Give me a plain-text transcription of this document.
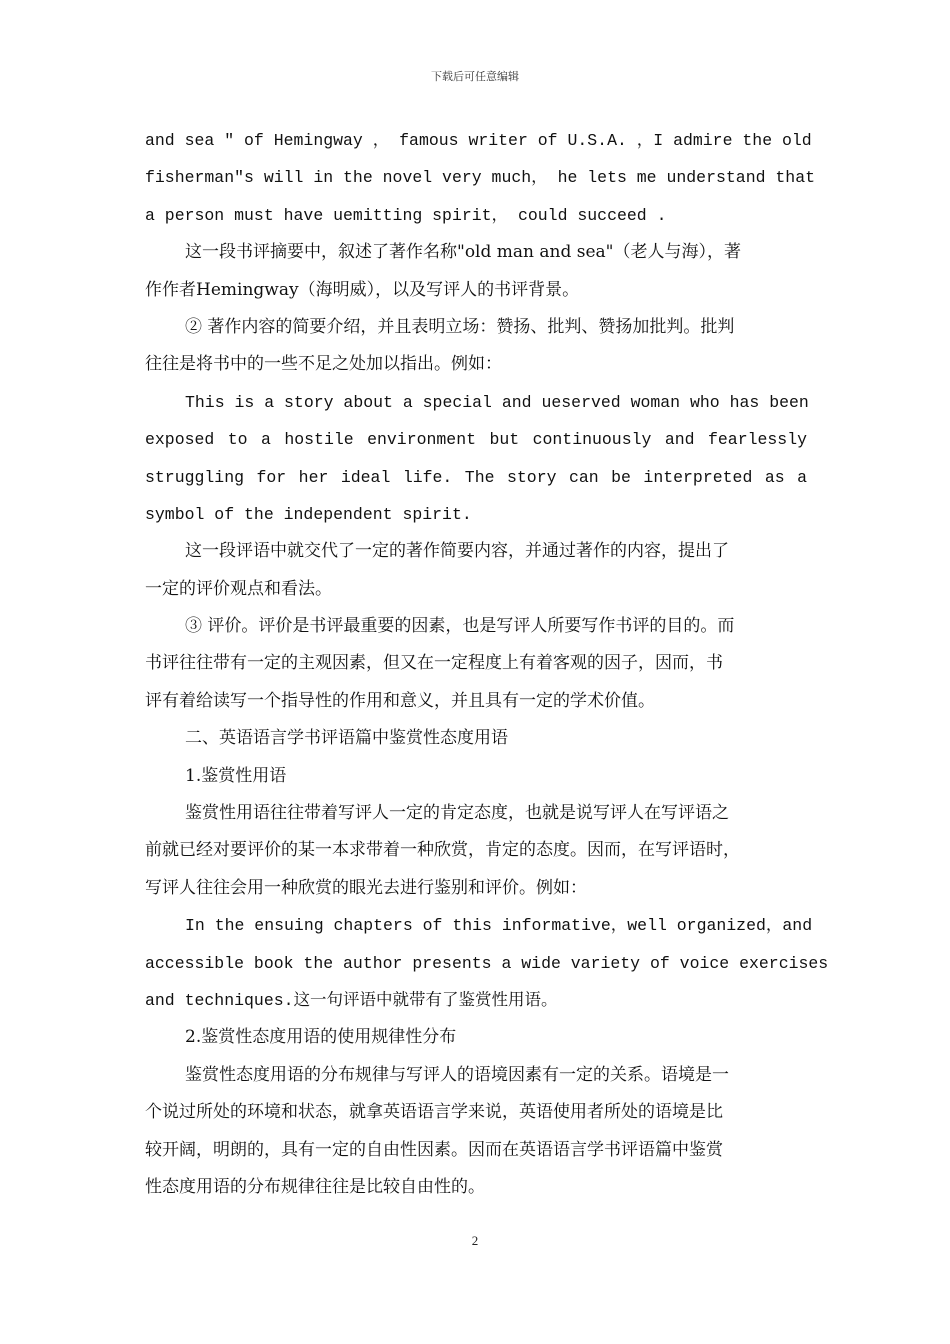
下载后可任意编辑
and sea " of Hemingway ， famous writer of U.S.A. ，I admire the old
fisherman"s will in the novel very much， he lets me understand that
a person must have uemitting spirit， could succeed .
这一段书评摘要中，叙述了著作名称"old man and sea"（老人与海），著
作作者Hemingway（海明威），以及写评人的书评背景。
② 著作内容的简要介绍，并且表明立场：赞扬、批判、赞扬加批判。批判
往往是将书中的一些不足之处加以指出。例如：
This is a story about a special and ueserved woman who has been
exposed to a hostile environment but continuously and fearlessly
struggling for her ideal life. The story can be interpreted as a
symbol of the independent spirit.
这一段评语中就交代了一定的著作简要内容，并通过著作的内容，提出了
一定的评价观点和看法。
③ 评价。评价是书评最重要的因素，也是写评人所要写作书评的目的。而
书评往往带有一定的主观因素，但又在一定程度上有着客观的因子，因而，书
评有着给读写一个指导性的作用和意义，并且具有一定的学术价值。
二、英语语言学书评语篇中鉴赏性态度用语
1.鉴赏性用语
鉴赏性用语往往带着写评人一定的肯定态度，也就是说写评人在写评语之
前就已经对要评价的某一本求带着一种欣赏，肯定的态度。因而，在写评语时，
写评人往往会用一种欣赏的眼光去进行鉴别和评价。例如：
In the ensuing chapters of this informative，well organized，and
accessible book the author presents a wide variety of voice exercises
and techniques.这一句评语中就带有了鉴赏性用语。
2.鉴赏性态度用语的使用规律性分布
鉴赏性态度用语的分布规律与写评人的语境因素有一定的关系。语境是一
个说过所处的环境和状态，就拿英语语言学来说，英语使用者所处的语境是比
较开阔，明朗的，具有一定的自由性因素。因而在英语语言学书评语篇中鉴赏
性态度用语的分布规律往往是比较自由性的。
2
